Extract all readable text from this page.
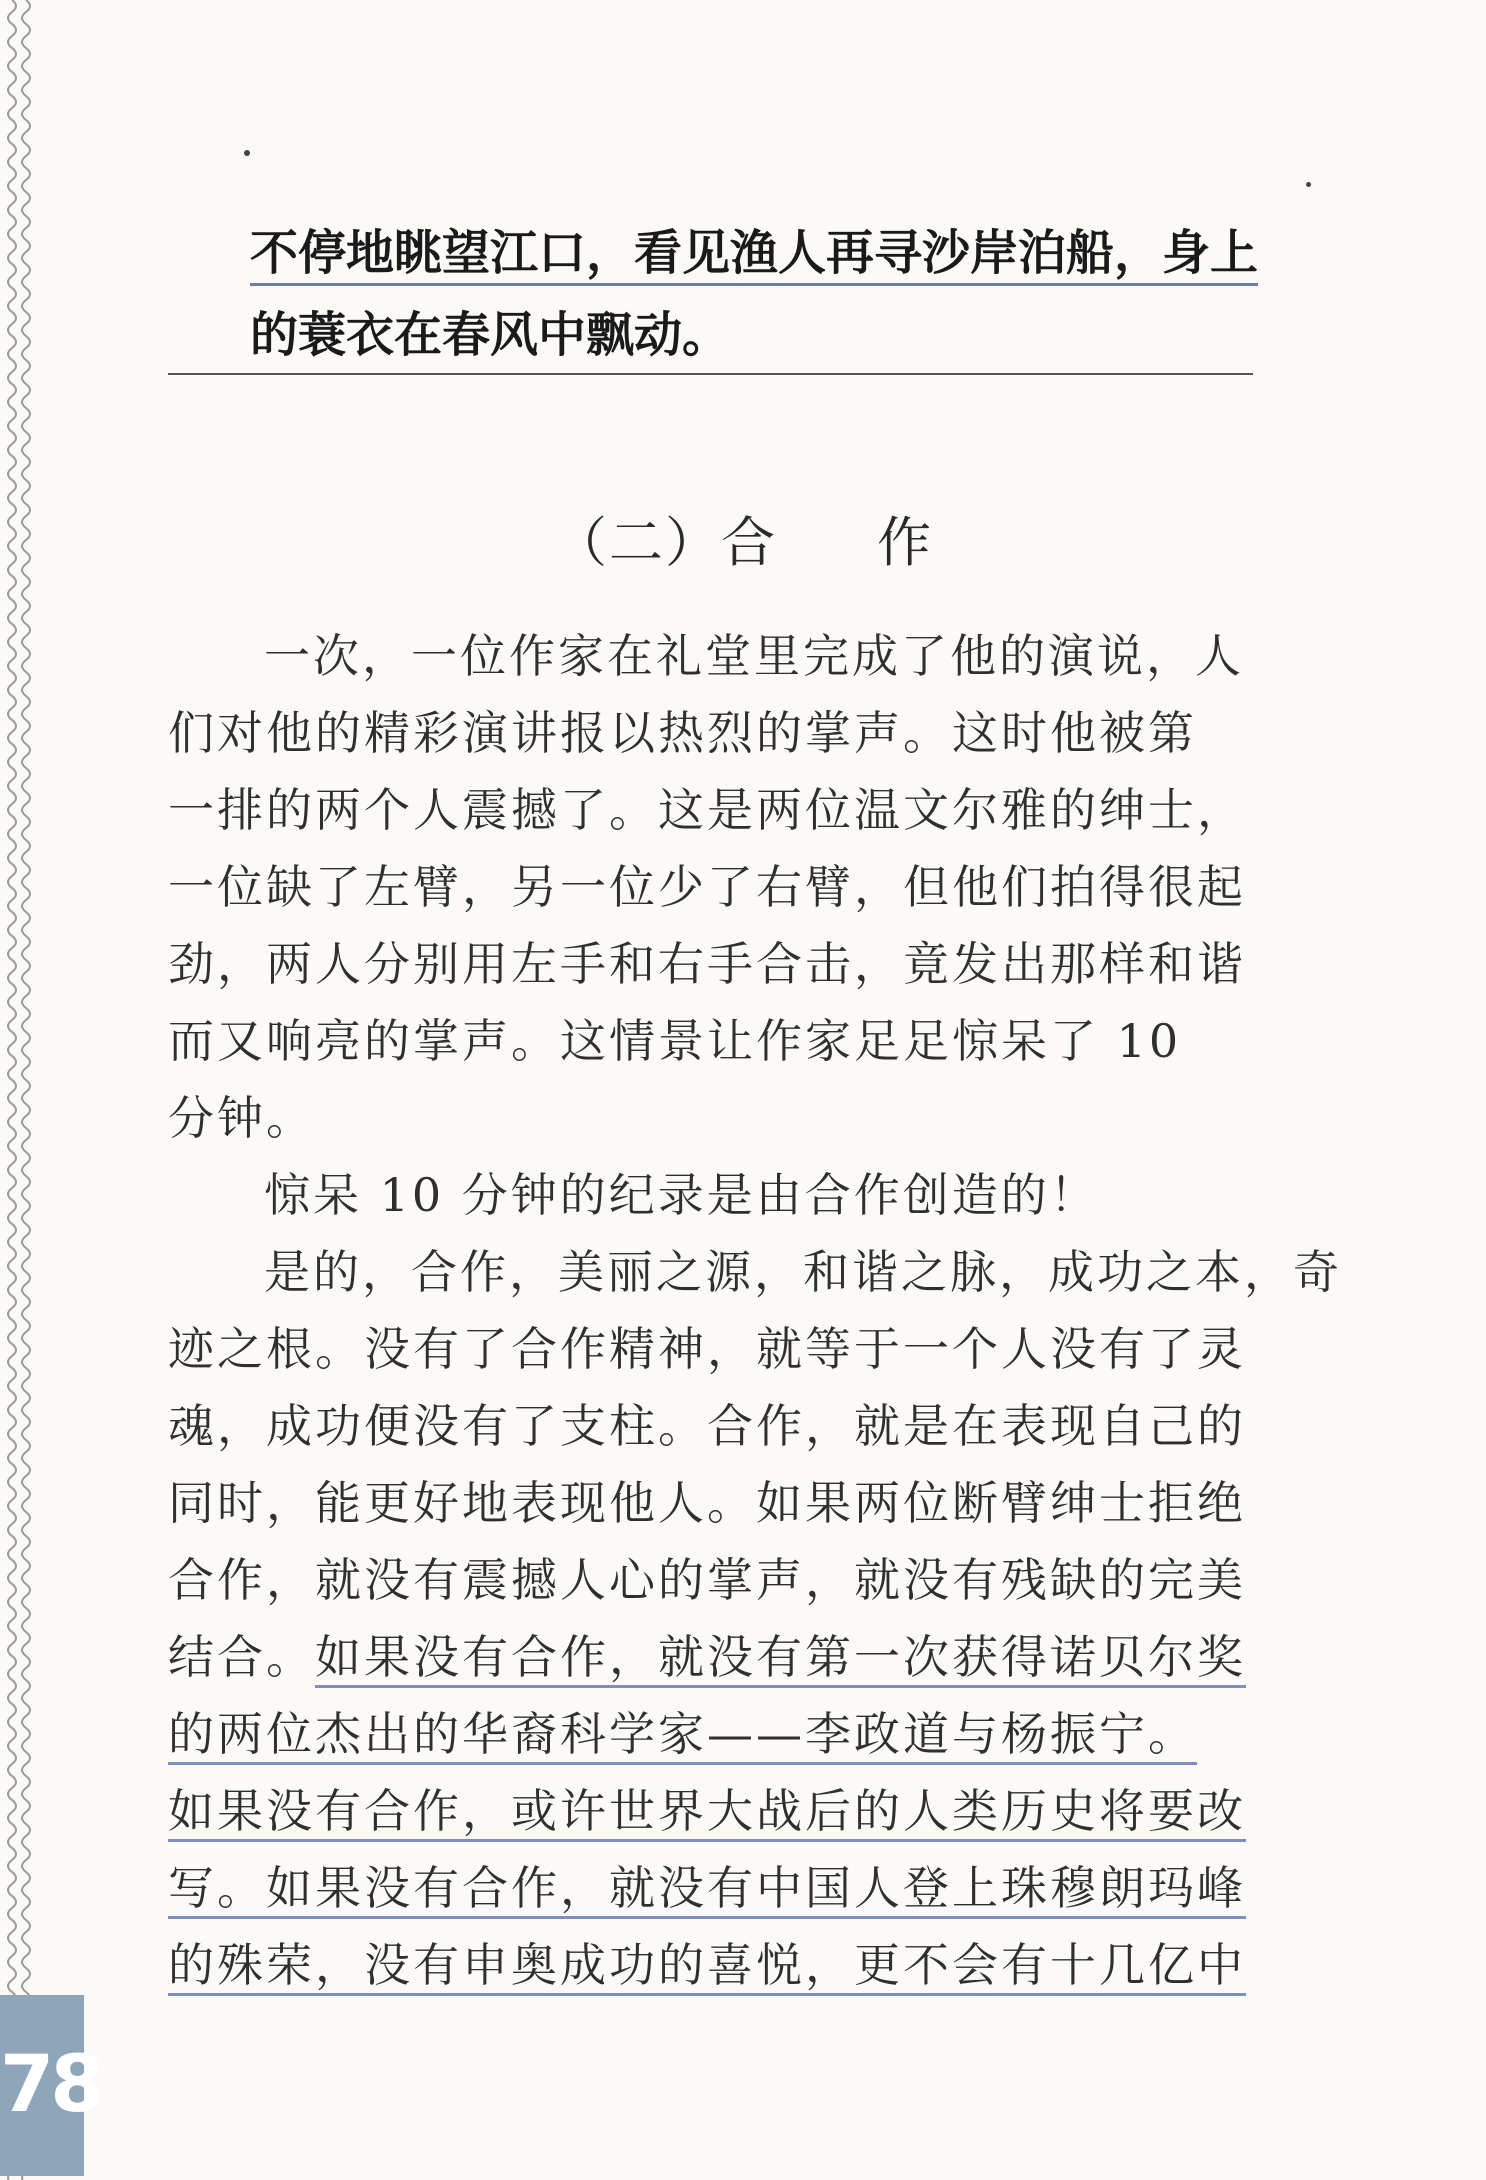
不停地眺望江口，看见渔人再寻沙岸泊船，身上
的蓑衣在春风中飘动。
（二）合 作
一次，一位作家在礼堂里完成了他的演说，人
们对他的精彩演讲报以热烈的掌声。这时他被第
一排的两个人震撼了。这是两位温文尔雅的绅士，
一位缺了左臂，另一位少了右臂，但他们拍得很起
劲，两人分别用左手和右手合击，竟发出那样和谐
而又响亮的掌声。这情景让作家足足惊呆了 10
分钟。
惊呆 10 分钟的纪录是由合作创造的！
是的，合作，美丽之源，和谐之脉，成功之本，奇
迹之根。没有了合作精神，就等于一个人没有了灵
魂，成功便没有了支柱。合作，就是在表现自己的
同时，能更好地表现他人。如果两位断臂绅士拒绝
合作，就没有震撼人心的掌声，就没有残缺的完美
结合。如果没有合作，就没有第一次获得诺贝尔奖
的两位杰出的华裔科学家——李政道与杨振宁。
如果没有合作，或许世界大战后的人类历史将要改
写。如果没有合作，就没有中国人登上珠穆朗玛峰
的殊荣，没有申奥成功的喜悦，更不会有十几亿中
78
